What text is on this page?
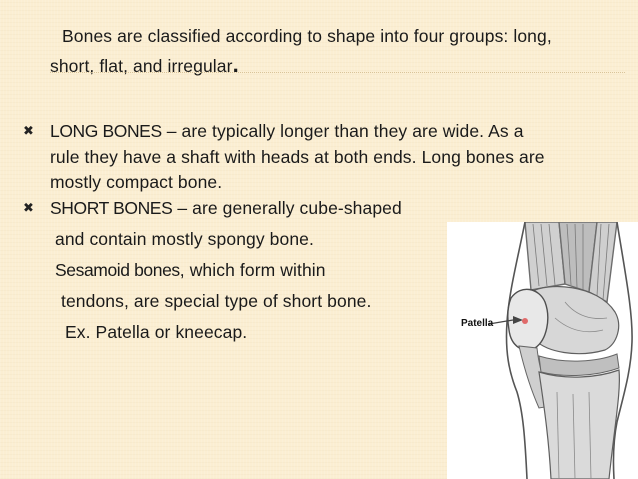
Bones are classified according to shape into four groups: long,
short, flat, and irregular.
✖ LONG BONES – are typically longer than they are wide. As a
rule they have a shaft with heads at both ends. Long bones are
mostly compact bone.
✖ SHORT BONES – are generally cube-shaped
and contain mostly spongy bone.
Sesamoid bones, which form within
tendons, are special type of short bone.
Ex. Patella or kneecap.	Patella
